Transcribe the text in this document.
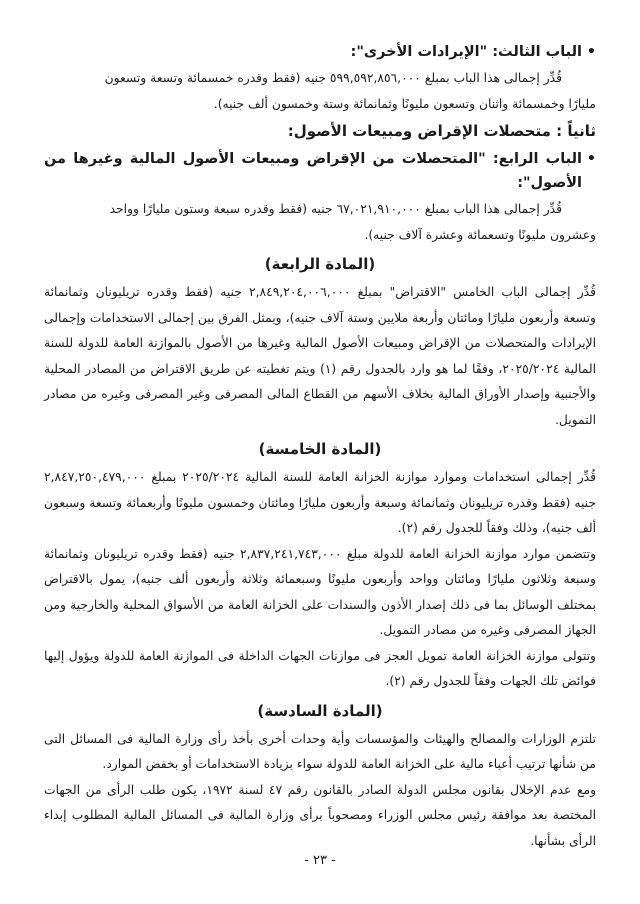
•
الباب الثالث: "الإيرادات الأخرى":

قُدِّر إجمالى هذا الباب بمبلغ ٥٩٩,٥٩٢,٨٥٦,٠٠٠ جنيه (فقط وقدره خمسمائة وتسعة وتسعون

مليارًا وخمسمائة واثنان وتسعون مليونًا وثمانمائة وستة وخمسون ألف جنيه).

ثانياً : متحصلات الإقراض ومبيعات الأصول:
•
الباب الرابع: "المتحصلات من الإقراض ومبيعات الأصول المالية وغيرها من الأصول":

قُدِّر إجمالى هذا الباب بمبلغ ٦٧,٠٢١,٩١٠,٠٠٠ جنيه (فقط وقدره سبعة وستون مليارًا وواحد

وعشرون مليونًا وتسعمائة وعشرة آلاف جنيه).

(المادة الرابعة)

قُدِّر إجمالى الباب الخامس "الاقتراض" بمبلغ ٢,٨٤٩,٢٠٤,٠٠٦,٠٠٠ جنيه (فقط وقدره تريليونان وثمانمائة وتسعة وأربعون مليارًا ومائتان وأربعة ملايين وستة آلاف جنيه)، ويمثل الفرق بين إجمالى الاستخدامات وإجمالى الإيرادات والمتحصلات من الإقراض ومبيعات الأصول المالية وغيرها من الأصول بالموازنة العامة للدولة للسنة المالية ٢٠٢٥/٢٠٢٤، وفقًا لما هو وارد بالجدول رقم (١) ويتم تغطيته عن طريق الاقتراض من المصادر المحلية والأجنبية وإصدار الأوراق المالية بخلاف الأسهم من القطاع المالى المصرفى وغير المصرفى وغيره من مصادر التمويل.

(المادة الخامسة)

قُدِّر إجمالى استخدامات وموارد موازنة الخزانة العامة للسنة المالية ٢٠٢٥/٢٠٢٤ بمبلغ ٢,٨٤٧,٢٥٠,٤٧٩,٠٠٠ جنيه (فقط وقدره تريليونان وثمانمائة وسبعة وأربعون مليارًا ومائتان وخمسون مليونًا وأربعمائة وتسعة وسبعون ألف جنيه)، وذلك وفقاً للجدول رقم (٢).

وتتضمن موارد موازنة الخزانة العامة للدولة مبلغ ٢,٨٣٧,٢٤١,٧٤٣,٠٠٠ جنيه (فقط وقدره تريليونان وثمانمائة وسبعة وثلاثون مليارًا ومائتان وواحد وأربعون مليونًا وسبعمائة وثلاثة وأربعون ألف جنيه)، يمول بالاقتراض بمختلف الوسائل بما فى ذلك إصدار الأذون والسندات على الخزانة العامة من الأسواق المحلية والخارجية ومن الجهاز المصرفى وغيره من مصادر التمويل.

وتتولى موازنة الخزانة العامة تمويل العجز فى موازنات الجهات الداخلة فى الموازنة العامة للدولة ويؤول إليها فوائض تلك الجهات وفقاً للجدول رقم (٢).

(المادة السادسة)

تلتزم الوزارات والمصالح والهيئات والمؤسسات وأية وحدات أخرى بأخذ رأى وزارة المالية فى المسائل التى من شأنها ترتيب أعباء مالية على الخزانة العامة للدولة سواء بزيادة الاستخدامات أو بخفض الموارد.

ومع عدم الإخلال بقانون مجلس الدولة الصادر بالقانون رقم ٤٧ لسنة ١٩٧٢، يكون طلب الرأى من الجهات المختصة بعد موافقة رئيس مجلس الوزراء ومصحوباً برأى وزارة المالية فى المسائل المالية المطلوب إبداء الرأى بشأنها.

- ٢٣ -
